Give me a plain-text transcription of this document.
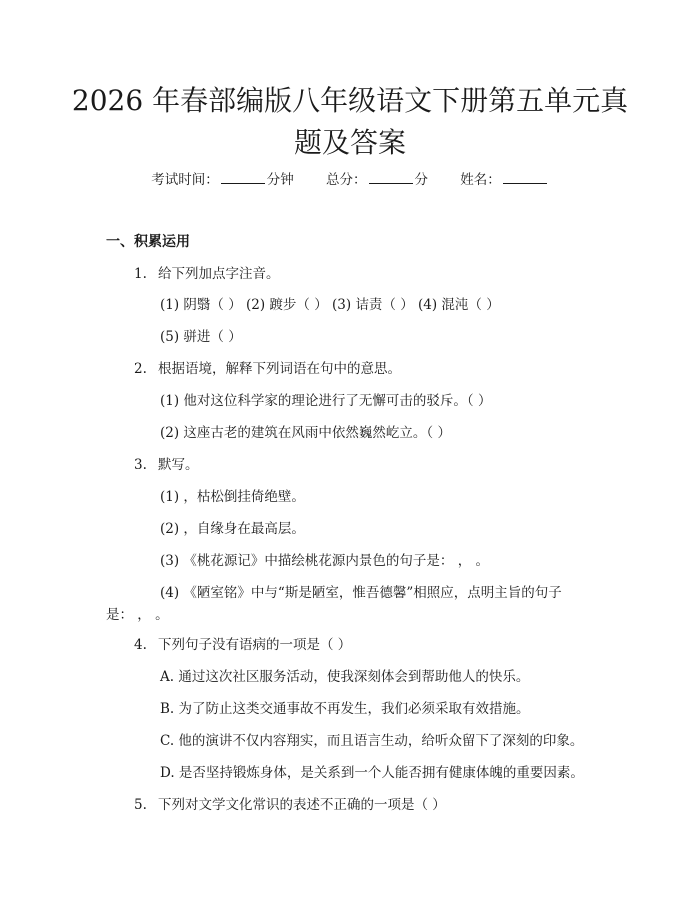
2026 年春部编版八年级语文下册第五单元真
题及答案
考试时间：	分钟 总分：	分 姓名：
一、积累运用
1. 给下列加点字注音。
(1) 阴翳（ ） (2) 踱步（ ） (3) 诘责（ ） (4) 混沌（ ）
(5) 骈进（ ）
2. 根据语境，解释下列词语在句中的意思。
(1) 他对这位科学家的理论进行了无懈可击的驳斥。（ ）
(2) 这座古老的建筑在风雨中依然巍然屹立。（ ）
3. 默写。
(1) ，枯松倒挂倚绝壁。
(2) ，自缘身在最高层。
(3) 《桃花源记》中描绘桃花源内景色的句子是： ， 。
(4) 《陋室铭》中与“斯是陋室，惟吾德馨”相照应，点明主旨的句子
是： ， 。
4. 下列句子没有语病的一项是（ ）
A. 通过这次社区服务活动，使我深刻体会到帮助他人的快乐。
B. 为了防止这类交通事故不再发生，我们必须采取有效措施。
C. 他的演讲不仅内容翔实，而且语言生动，给听众留下了深刻的印象。
D. 是否坚持锻炼身体，是关系到一个人能否拥有健康体魄的重要因素。
5. 下列对文学文化常识的表述不正确的一项是（ ）
